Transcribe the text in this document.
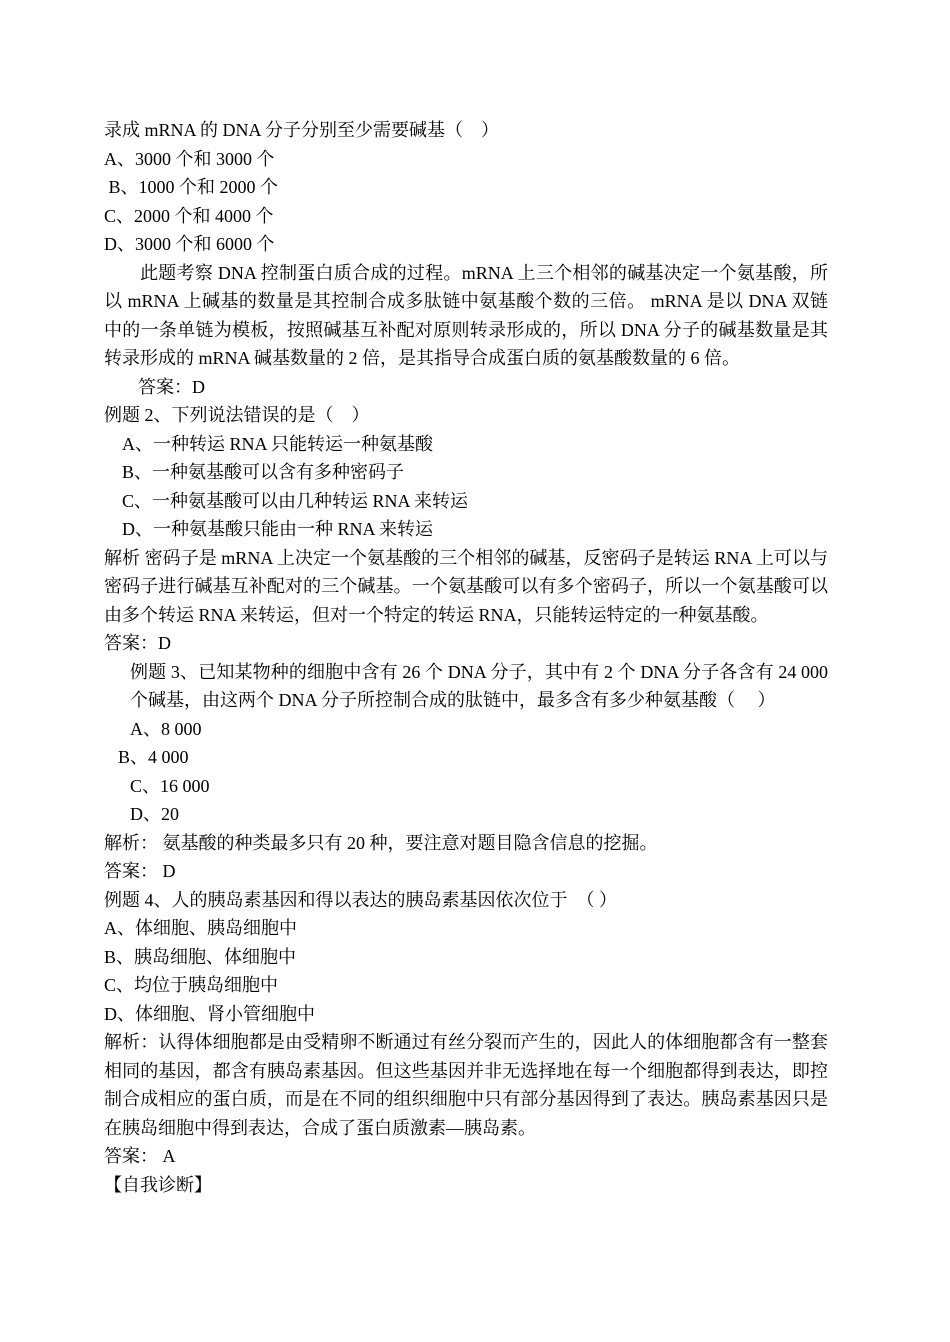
录成 mRNA 的 DNA 分子分别至少需要碱基（　）
A、3000 个和 3000 个
B、1000 个和 2000 个
C、2000 个和 4000 个
D、3000 个和 6000 个
此题考察 DNA 控制蛋白质合成的过程。mRNA 上三个相邻的碱基决定一个氨基酸，所以 mRNA 上碱基的数量是其控制合成多肽链中氨基酸个数的三倍。 mRNA 是以 DNA 双链中的一条单链为模板，按照碱基互补配对原则转录形成的，所以 DNA 分子的碱基数量是其转录形成的 mRNA 碱基数量的 2 倍，是其指导合成蛋白质的氨基酸数量的 6 倍。
答案：D
例题 2、下列说法错误的是（　）
A、一种转运 RNA 只能转运一种氨基酸
B、一种氨基酸可以含有多种密码子
C、一种氨基酸可以由几种转运 RNA 来转运
D、一种氨基酸只能由一种 RNA 来转运
解析 密码子是 mRNA 上决定一个氨基酸的三个相邻的碱基，反密码子是转运 RNA 上可以与密码子进行碱基互补配对的三个碱基。一个氨基酸可以有多个密码子，所以一个氨基酸可以由多个转运 RNA 来转运，但对一个特定的转运 RNA，只能转运特定的一种氨基酸。
答案：D
例题 3、已知某物种的细胞中含有 26 个 DNA 分子，其中有 2 个 DNA 分子各含有 24 000 个碱基，由这两个 DNA 分子所控制合成的肽链中，最多含有多少种氨基酸（　 ）
A、8 000
B、4 000
C、16 000
D、20
解析： 氨基酸的种类最多只有 20 种，要注意对题目隐含信息的挖掘。
答案： D
例题 4、人的胰岛素基因和得以表达的胰岛素基因依次位于　（ ）
A、体细胞、胰岛细胞中
B、胰岛细胞、体细胞中
C、均位于胰岛细胞中
D、体细胞、肾小管细胞中
解析：认得体细胞都是由受精卵不断通过有丝分裂而产生的，因此人的体细胞都含有一整套相同的基因，都含有胰岛素基因。但这些基因并非无选择地在每一个细胞都得到表达，即控制合成相应的蛋白质，而是在不同的组织细胞中只有部分基因得到了表达。胰岛素基因只是在胰岛细胞中得到表达，合成了蛋白质激素—胰岛素。
答案： A
【自我诊断】
